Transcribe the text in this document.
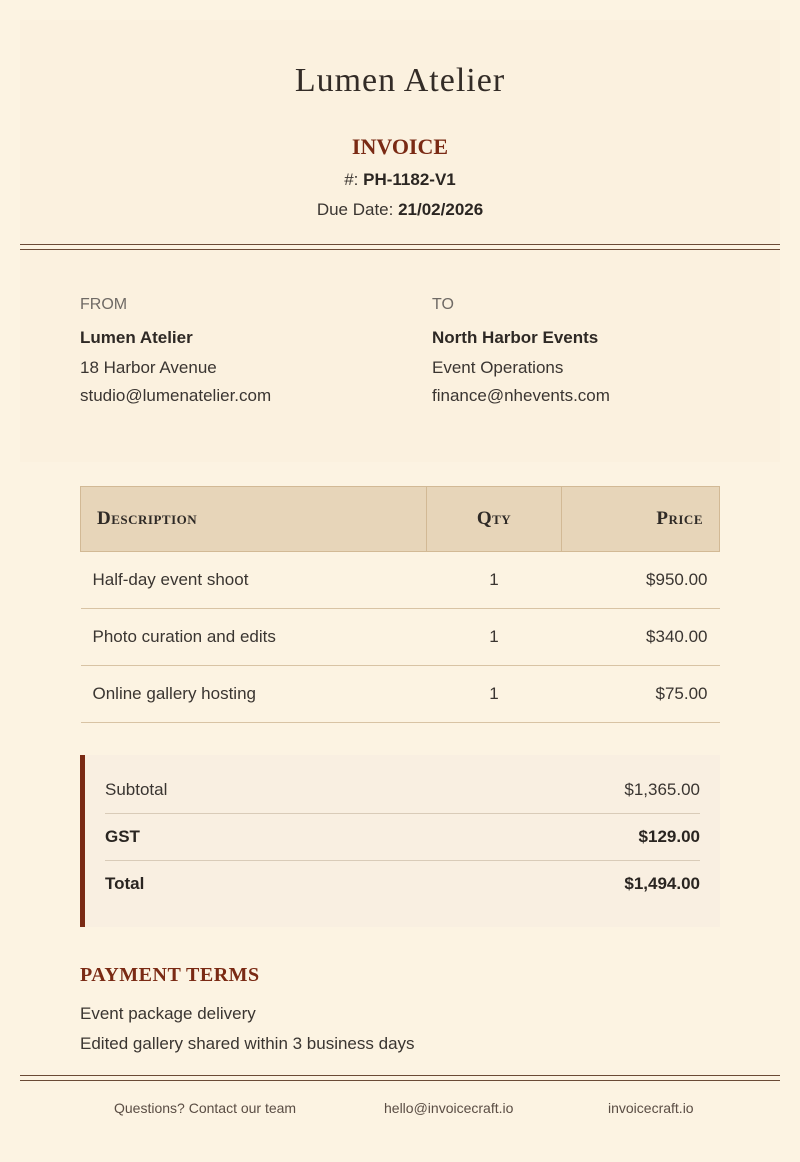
Lumen Atelier
INVOICE
#: PH-1182-V1
Due Date: 21/02/2026
FROM
Lumen Atelier
18 Harbor Avenue
studio@lumenatelier.com
TO
North Harbor Events
Event Operations
finance@nhevents.com
Description	Qty	Price
Half-day event shoot	1	$950.00
Photo curation and edits	1	$340.00
Online gallery hosting	1	$75.00
Subtotal	$1,365.00
GST	$129.00
Total	$1,494.00
PAYMENT TERMS
Event package delivery
Edited gallery shared within 3 business days
Questions? Contact our team	hello@invoicecraft.io	invoicecraft.io
